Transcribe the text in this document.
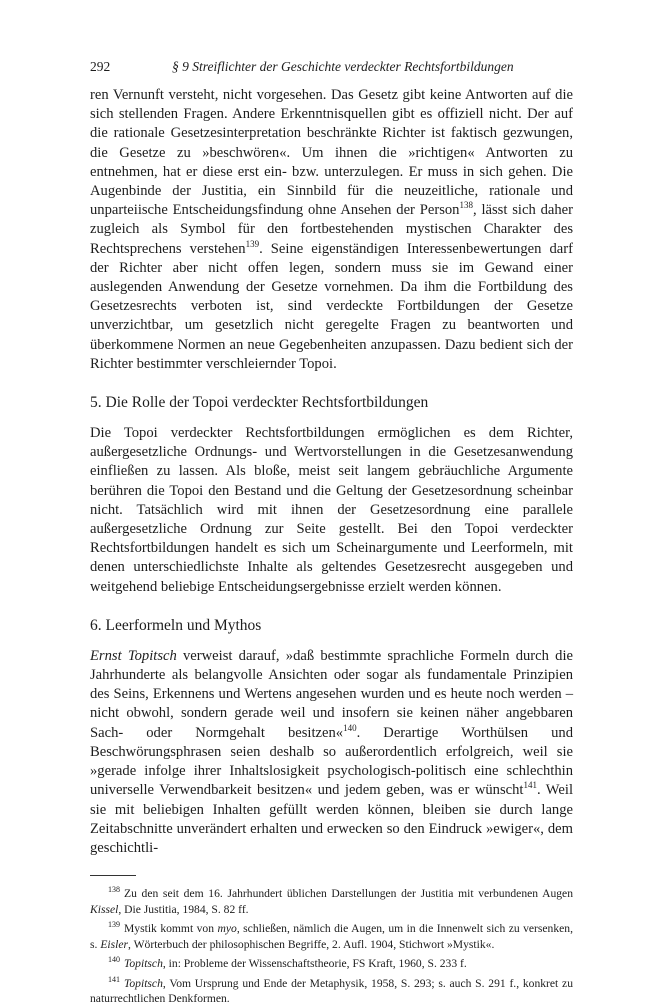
292	§ 9 Streiflichter der Geschichte verdeckter Rechtsfortbildungen

ren Vernunft versteht, nicht vorgesehen. Das Gesetz gibt keine Antworten auf die sich stellenden Fragen. Andere Erkenntnisquellen gibt es offiziell nicht. Der auf die rationale Gesetzesinterpretation beschränkte Richter ist faktisch gezwungen, die Gesetze zu »beschwören«. Um ihnen die »richtigen« Antworten zu entnehmen, hat er diese erst ein- bzw. unterzulegen. Er muss in sich gehen. Die Augenbinde der Justitia, ein Sinnbild für die neuzeitliche, rationale und unparteiische Entscheidungsfindung ohne Ansehen der Person$^{138}$, lässt sich daher zugleich als Symbol für den fortbestehenden mystischen Charakter des Rechtsprechens verstehen$^{139}$. Seine eigenständigen Interessenbewertungen darf der Richter aber nicht offen legen, sondern muss sie im Gewand einer auslegenden Anwendung der Gesetze vornehmen. Da ihm die Fortbildung des Gesetzesrechts verboten ist, sind verdeckte Fortbildungen der Gesetze unverzichtbar, um gesetzlich nicht geregelte Fragen zu beantworten und überkommene Normen an neue Gegebenheiten anzupassen. Dazu bedient sich der Richter bestimmter verschleiernder Topoi.

5. Die Rolle der Topoi verdeckter Rechtsfortbildungen

Die Topoi verdeckter Rechtsfortbildungen ermöglichen es dem Richter, außergesetzliche Ordnungs- und Wertvorstellungen in die Gesetzesanwendung einfließen zu lassen. Als bloße, meist seit langem gebräuchliche Argumente berühren die Topoi den Bestand und die Geltung der Gesetzesordnung scheinbar nicht. Tatsächlich wird mit ihnen der Gesetzesordnung eine parallele außergesetzliche Ordnung zur Seite gestellt. Bei den Topoi verdeckter Rechtsfortbildungen handelt es sich um Scheinargumente und Leerformeln, mit denen unterschiedlichste Inhalte als geltendes Gesetzesrecht ausgegeben und weitgehend beliebige Entscheidungsergebnisse erzielt werden können.

6. Leerformeln und Mythos

Ernst Topitsch verweist darauf, »daß bestimmte sprachliche Formeln durch die Jahrhunderte als belangvolle Ansichten oder sogar als fundamentale Prinzipien des Seins, Erkennens und Wertens angesehen wurden und es heute noch werden – nicht obwohl, sondern gerade weil und insofern sie keinen näher angebbaren Sach- oder Normgehalt besitzen«$^{140}$. Derartige Worthülsen und Beschwörungsphrasen seien deshalb so außerordentlich erfolgreich, weil sie »gerade infolge ihrer Inhaltslosigkeit psychologisch-politisch eine schlechthin universelle Verwendbarkeit besitzen« und jedem geben, was er wünscht$^{141}$. Weil sie mit beliebigen Inhalten gefüllt werden können, bleiben sie durch lange Zeitabschnitte unverändert erhalten und erwecken so den Eindruck »ewiger«, dem geschichtli-

$^{138}$ Zu den seit dem 16. Jahrhundert üblichen Darstellungen der Justitia mit verbundenen Augen Kissel, Die Justitia, 1984, S. 82 ff.

$^{139}$ Mystik kommt von myo, schließen, nämlich die Augen, um in die Innenwelt sich zu versenken, s. Eisler, Wörterbuch der philosophischen Begriffe, 2. Aufl. 1904, Stichwort »Mystik«.

$^{140}$ Topitsch, in: Probleme der Wissenschaftstheorie, FS Kraft, 1960, S. 233 f.

$^{141}$ Topitsch, Vom Ursprung und Ende der Metaphysik, 1958, S. 293; s. auch S. 291 f., konkret zu naturrechtlichen Denkformen.
